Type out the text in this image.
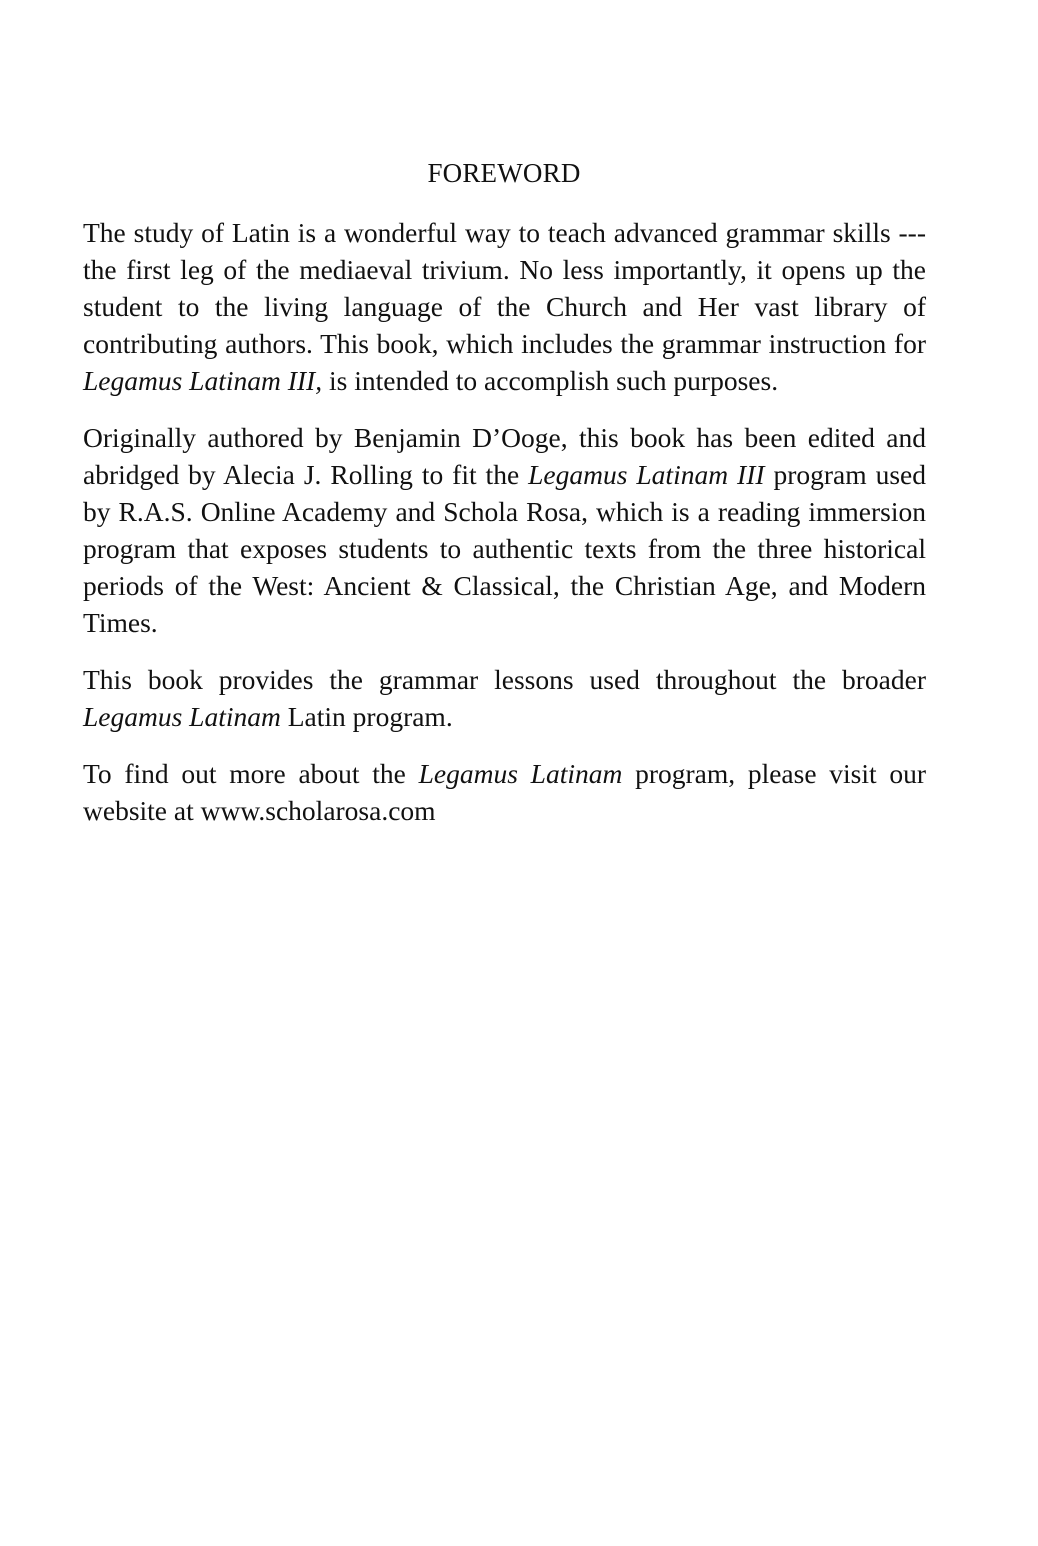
FOREWORD

The study of Latin is a wonderful way to teach advanced grammar skills --- the first leg of the mediaeval trivium. No less importantly, it opens up the student to the living language of the Church and Her vast library of contributing authors. This book, which includes the grammar instruction for Legamus Latinam III, is intended to accomplish such purposes.

Originally authored by Benjamin D’Ooge, this book has been edited and abridged by Alecia J. Rolling to fit the Legamus Latinam III program used by R.A.S. Online Academy and Schola Rosa, which is a reading immersion program that exposes students to authentic texts from the three historical periods of the West: Ancient & Classical, the Christian Age, and Modern Times.

This book provides the grammar lessons used throughout the broader Legamus Latinam Latin program.

To find out more about the Legamus Latinam program, please visit our website at www.scholarosa.com
